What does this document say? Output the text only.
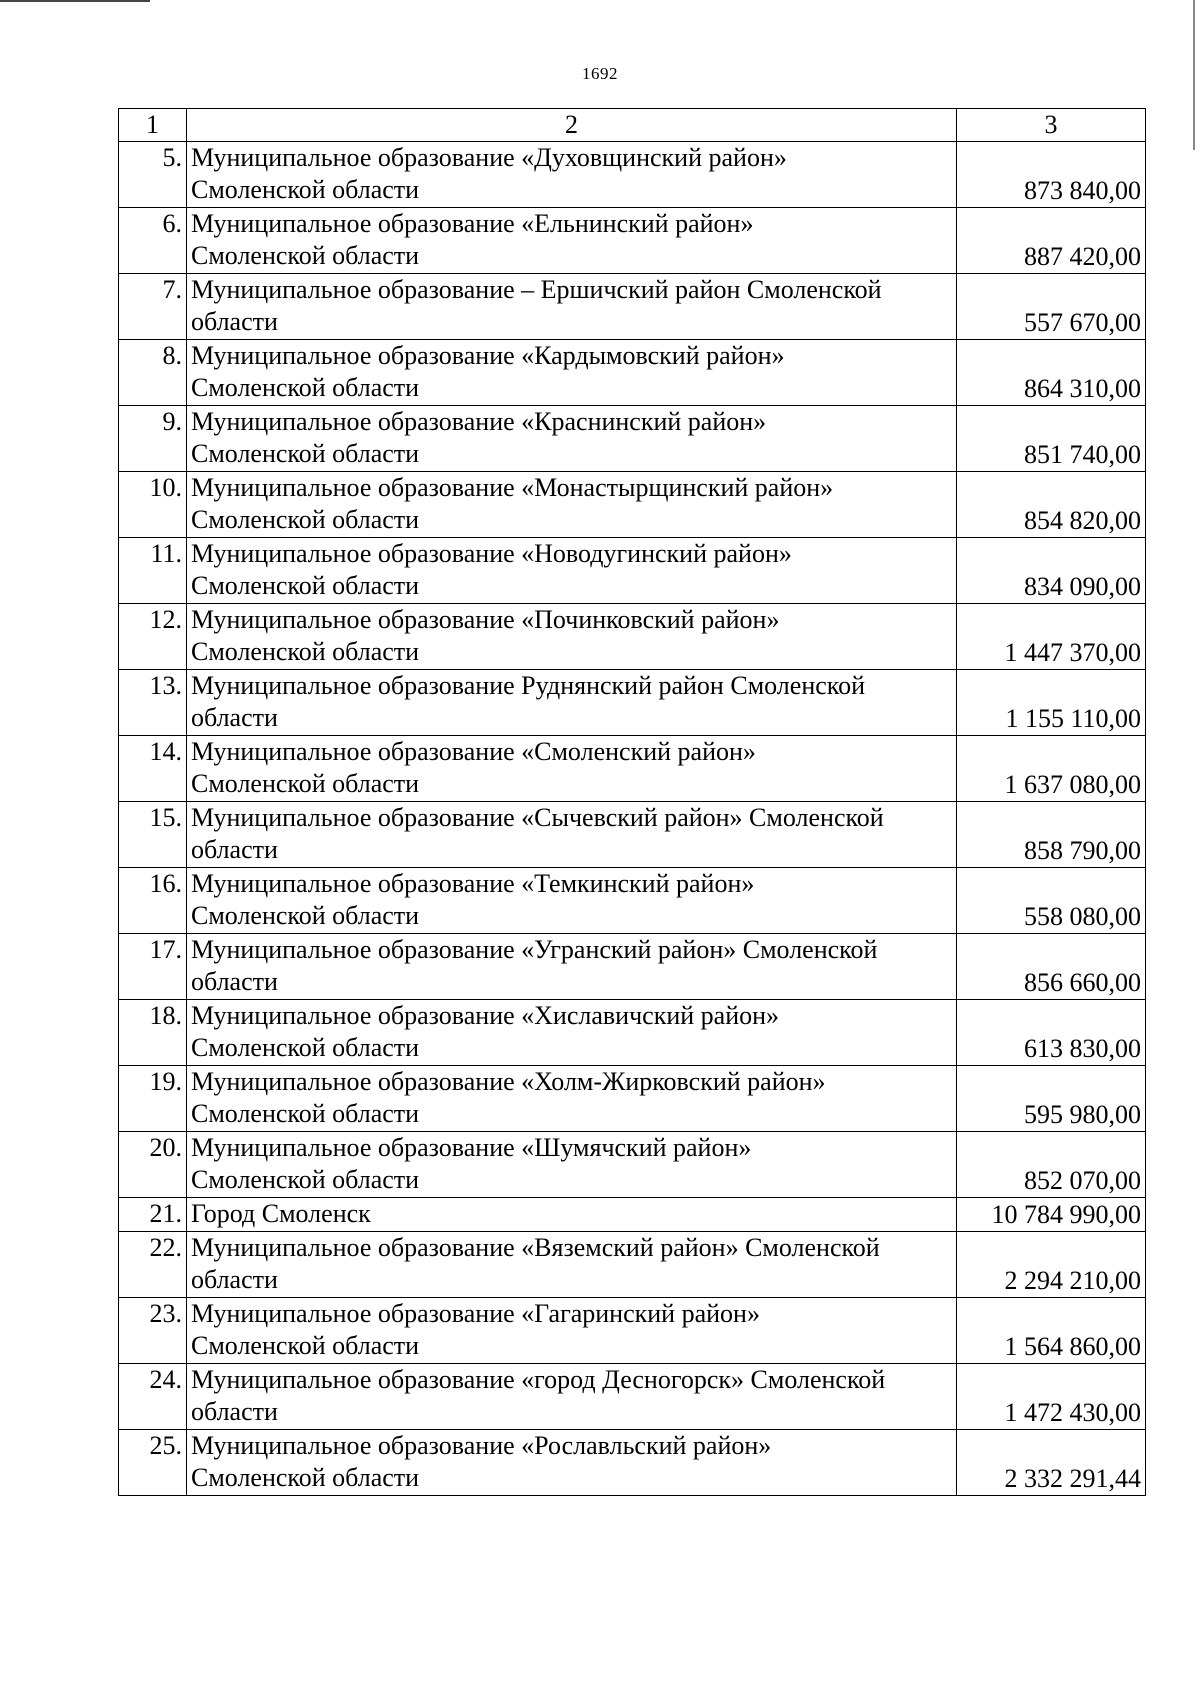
1692
1	2	3
5.	Муниципальное образование «Духовщинский район»
Смоленской области	873 840,00
6.	Муниципальное образование «Ельнинский район»
Смоленской области	887 420,00
7.	Муниципальное образование – Ершичский район Смоленской
области	557 670,00
8.	Муниципальное образование «Кардымовский район»
Смоленской области	864 310,00
9.	Муниципальное образование «Краснинский район»
Смоленской области	851 740,00
10.	Муниципальное образование «Монастырщинский район»
Смоленской области	854 820,00
11.	Муниципальное образование «Новодугинский район»
Смоленской области	834 090,00
12.	Муниципальное образование «Починковский район»
Смоленской области	1 447 370,00
13.	Муниципальное образование Руднянский район Смоленской
области	1 155 110,00
14.	Муниципальное образование «Смоленский район»
Смоленской области	1 637 080,00
15.	Муниципальное образование «Сычевский район» Смоленской
области	858 790,00
16.	Муниципальное образование «Темкинский район»
Смоленской области	558 080,00
17.	Муниципальное образование «Угранский район» Смоленской
области	856 660,00
18.	Муниципальное образование «Хиславичский район»
Смоленской области	613 830,00
19.	Муниципальное образование «Холм-Жирковский район»
Смоленской области	595 980,00
20.	Муниципальное образование «Шумячский район»
Смоленской области	852 070,00
21.	Город Смоленск	10 784 990,00
22.	Муниципальное образование «Вяземский район» Смоленской
области	2 294 210,00
23.	Муниципальное образование «Гагаринский район»
Смоленской области	1 564 860,00
24.	Муниципальное образование «город Десногорск» Смоленской
области	1 472 430,00
25.	Муниципальное образование «Рославльский район»
Смоленской области	2 332 291,44
